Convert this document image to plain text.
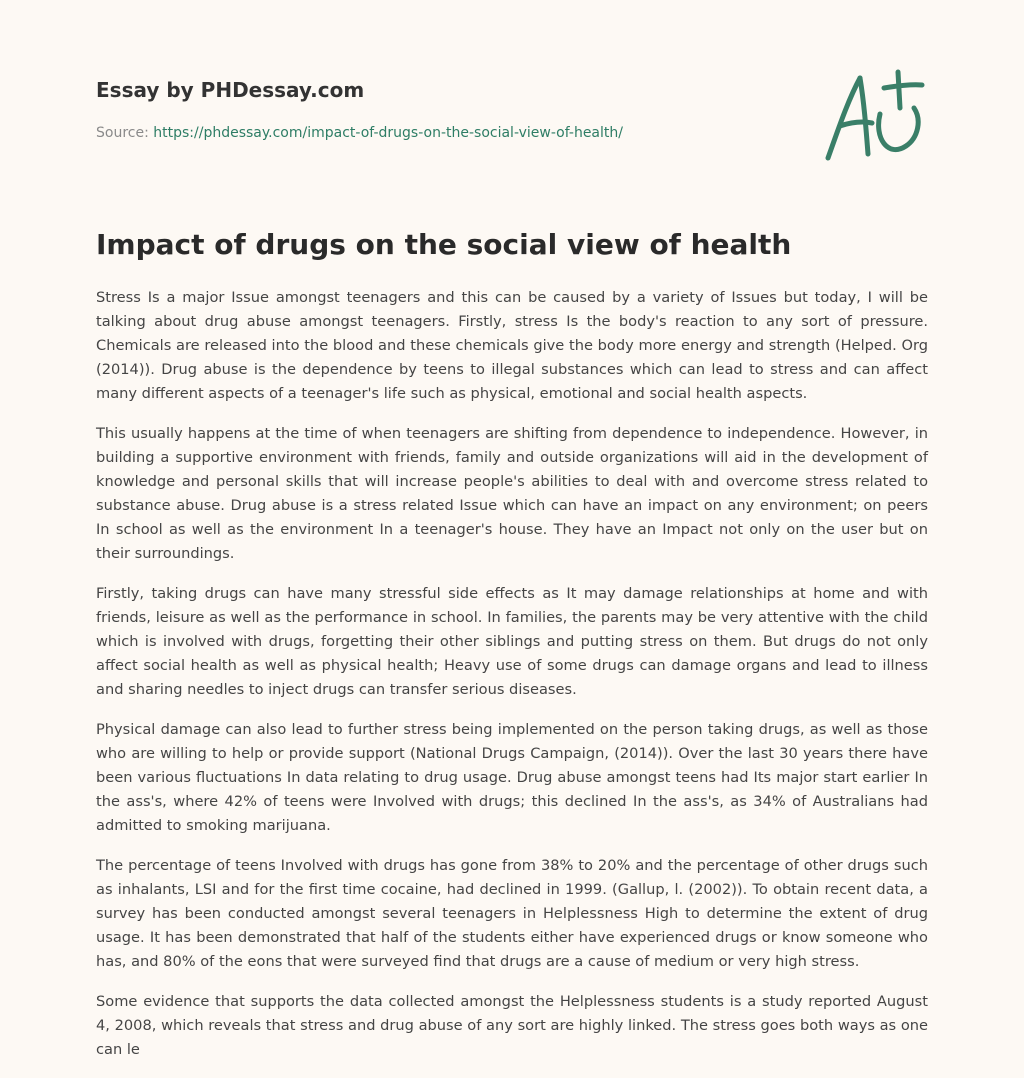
Essay by PHDessay.com
Source: https://phdessay.com/impact-of-drugs-on-the-social-view-of-health/
Impact of drugs on the social view of health

Stress Is a major Issue amongst teenagers and this can be caused by a variety of Issues but today, I will be talking about drug abuse amongst teenagers. Firstly, stress Is the body's reaction to any sort of pressure. Chemicals are released into the blood and these chemicals give the body more energy and strength (Helped. Org (2014)). Drug abuse is the dependence by teens to illegal substances which can lead to stress and can affect many different aspects of a teenager's life such as physical, emotional and social health aspects.

This usually happens at the time of when teenagers are shifting from dependence to independence. However, in building a supportive environment with friends, family and outside organizations will aid in the development of knowledge and personal skills that will increase people's abilities to deal with and overcome stress related to substance abuse. Drug abuse is a stress related Issue which can have an impact on any environment; on peers In school as well as the environment In a teenager's house. They have an Impact not only on the user but on their surroundings.

Firstly, taking drugs can have many stressful side effects as It may damage relationships at home and with friends, leisure as well as the performance in school. In families, the parents may be very attentive with the child which is involved with drugs, forgetting their other siblings and putting stress on them. But drugs do not only affect social health as well as physical health; Heavy use of some drugs can damage organs and lead to illness and sharing needles to inject drugs can transfer serious diseases.

Physical damage can also lead to further stress being implemented on the person taking drugs, as well as those who are willing to help or provide support (National Drugs Campaign, (2014)). Over the last 30 years there have been various fluctuations In data relating to drug usage. Drug abuse amongst teens had Its major start earlier In the ass's, where 42% of teens were Involved with drugs; this declined In the ass's, as 34% of Australians had admitted to smoking marijuana.

The percentage of teens Involved with drugs has gone from 38% to 20% and the percentage of other drugs such as inhalants, LSI and for the first time cocaine, had declined in 1999. (Gallup, l. (2002)). To obtain recent data, a survey has been conducted amongst several teenagers in Helplessness High to determine the extent of drug usage. It has been demonstrated that half of the students either have experienced drugs or know someone who has, and 80% of the eons that were surveyed find that drugs are a cause of medium or very high stress.

Some evidence that supports the data collected amongst the Helplessness students is a study reported August 4, 2008, which reveals that stress and drug abuse of any sort are highly linked. The stress goes both ways as one can le
